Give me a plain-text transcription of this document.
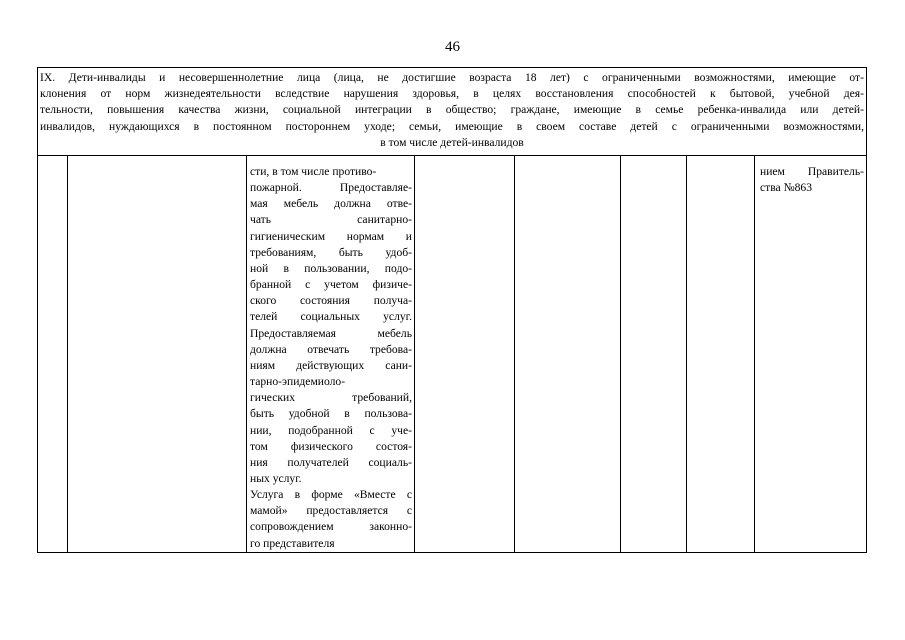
46

IX. Дети-инвалиды и несовершеннолетние лица (лица, не достигшие возраста 18 лет) с ограниченными возможностями, имеющие от-

клонения от норм жизнедеятельности вследствие нарушения здоровья, в целях восстановления способностей к бытовой, учебной дея-

тельности, повышения качества жизни, социальной интеграции в общество; граждане, имеющие в семье ребенка-инвалида или детей-

инвалидов, нуждающихся в постоянном постороннем уходе; семьи, имеющие в своем составе детей с ограниченными возможностями,

в том числе детей-инвалидов

сти, в том числе противо-
пожарной. Предоставляе-
мая мебель должна отве-
чать санитарно-
гигиеническим нормам и
требованиям, быть удоб-
ной в пользовании, подо-
бранной с учетом физиче-
ского состояния получа-
телей социальных услуг.
Предоставляемая мебель
должна отвечать требова-
ниям действующих сани-
тарно-эпидемиоло-
гических требований,
быть удобной в пользова-
нии, подобранной с уче-
том физического состоя-
ния получателей социаль-
ных услуг.
Услуга в форме «Вместе с
мамой» предоставляется с
сопровождением законно-
го представителя
нием Правитель-
ства №863
